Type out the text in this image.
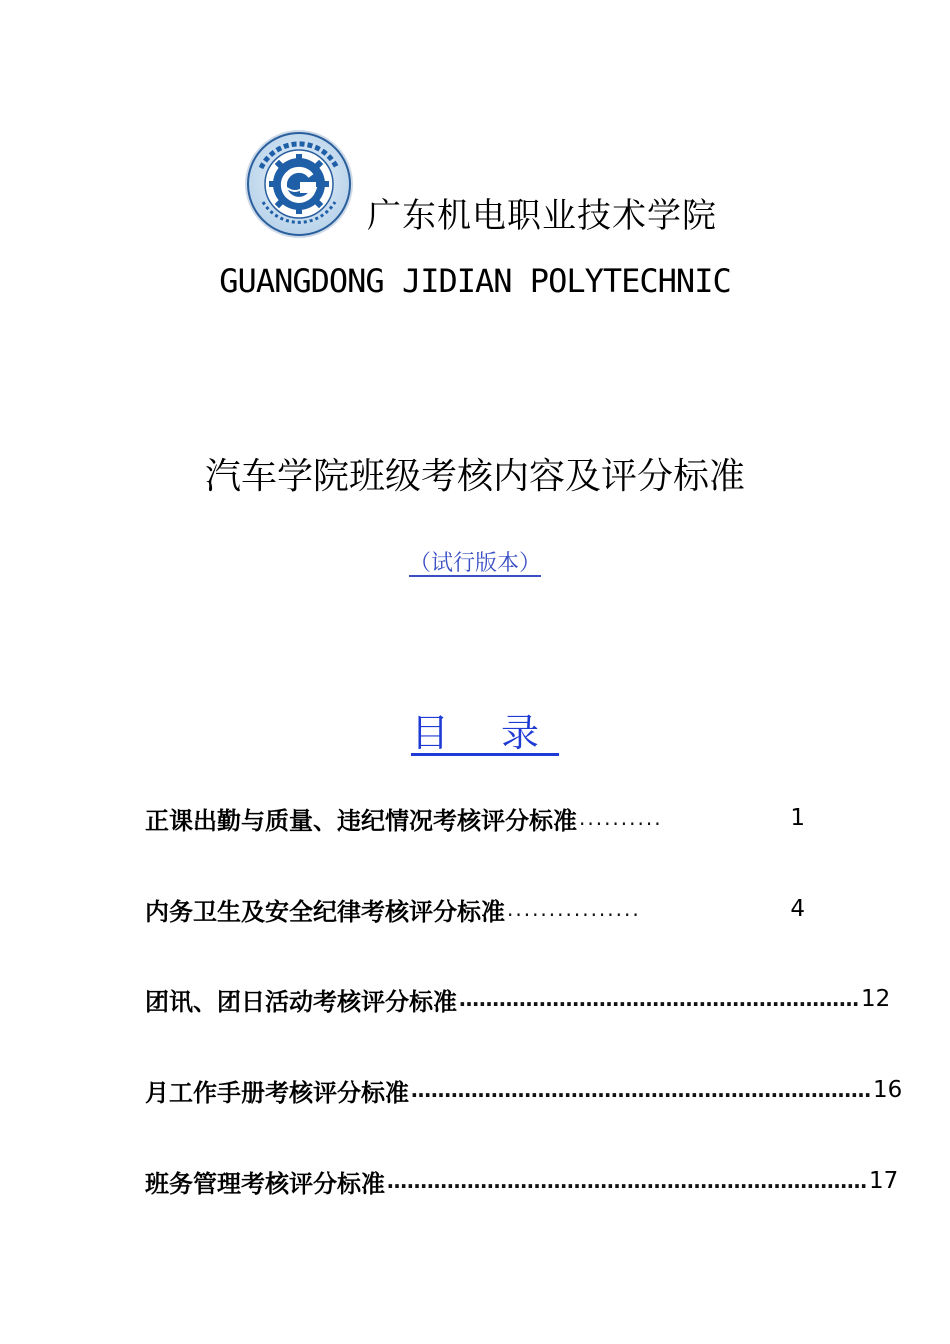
广东机电职业技术学院
GUANGDONG JIDIAN POLYTECHNIC
汽车学院班级考核内容及评分标准
（试行版本）
目 录
正课出勤与质量、违纪情况考核评分标准 ..........	1
内务卫生及安全纪律考核评分标准 ................	4
团讯、团日活动考核评分标准 …………………………………………………… 12
月工作手册考核评分标准 …………………………………………………………… 16
班务管理考核评分标准 ……………………………………………………………… 17
